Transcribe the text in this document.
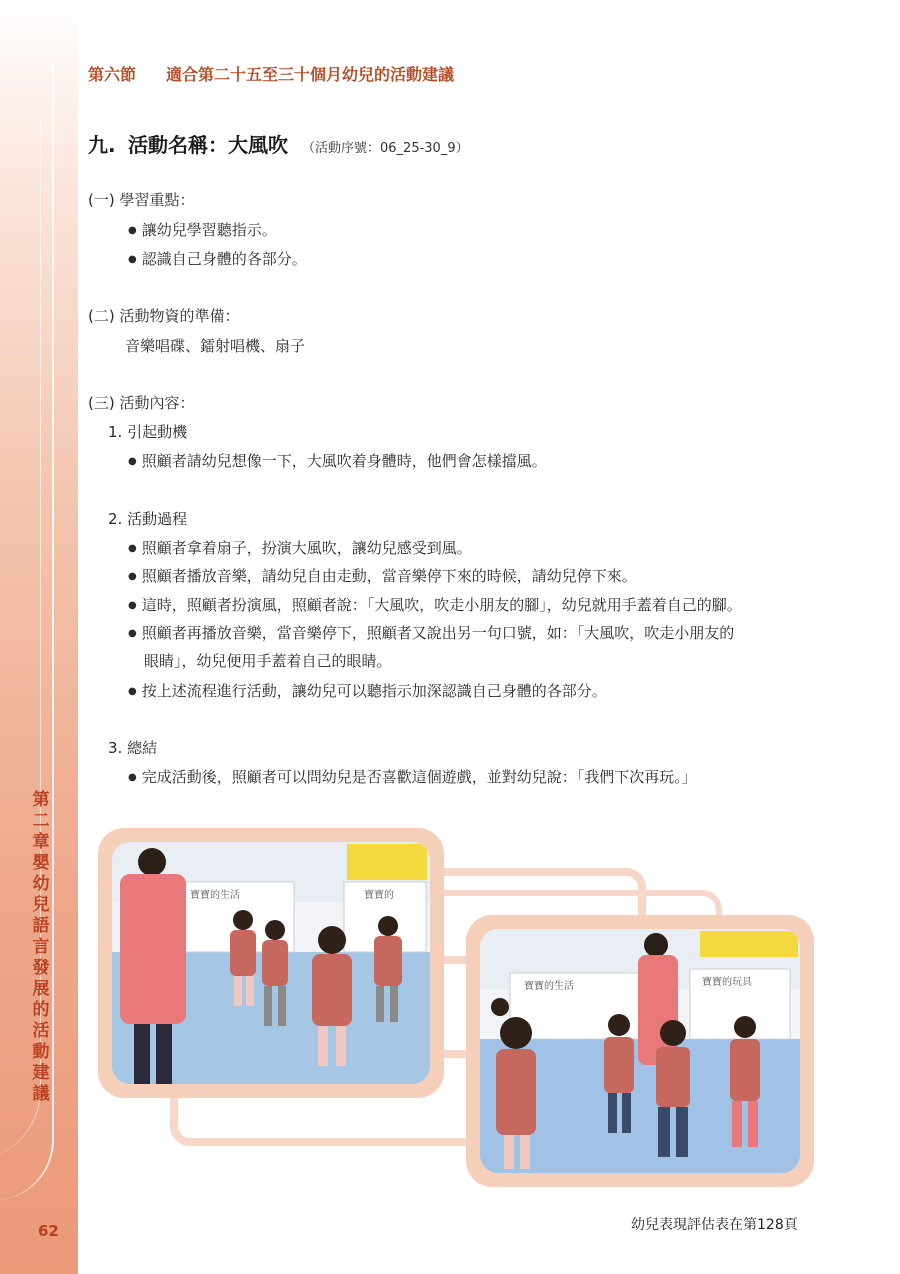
第二章 嬰幼兒語言發展的活動建議
62
第六節 適合第二十五至三十個月幼兒的活動建議
九. 活動名稱：大風吹 （活動序號：06_25-30_9）
(一) 學習重點：
● 讓幼兒學習聽指示。
● 認識自己身體的各部分。
(二) 活動物資的準備：
音樂唱碟、鐳射唱機、扇子
(三) 活動內容：
1. 引起動機
● 照顧者請幼兒想像一下，大風吹着身體時，他們會怎樣擋風。
2. 活動過程
● 照顧者拿着扇子，扮演大風吹，讓幼兒感受到風。
● 照顧者播放音樂，請幼兒自由走動，當音樂停下來的時候，請幼兒停下來。
● 這時，照顧者扮演風，照顧者說：「大風吹，吹走小朋友的腳」，幼兒就用手蓋着自己的腳。
● 照顧者再播放音樂，當音樂停下，照顧者又說出另一句口號，如：「大風吹，吹走小朋友的
眼睛」，幼兒便用手蓋着自己的眼睛。
● 按上述流程進行活動，讓幼兒可以聽指示加深認識自己身體的各部分。
3. 總結
● 完成活動後，照顧者可以問幼兒是否喜歡這個遊戲，並對幼兒說：「我們下次再玩。」
寶寶的生活	寶寶的
寶寶的生活	寶寶的玩具
幼兒表現評估表在第128頁
